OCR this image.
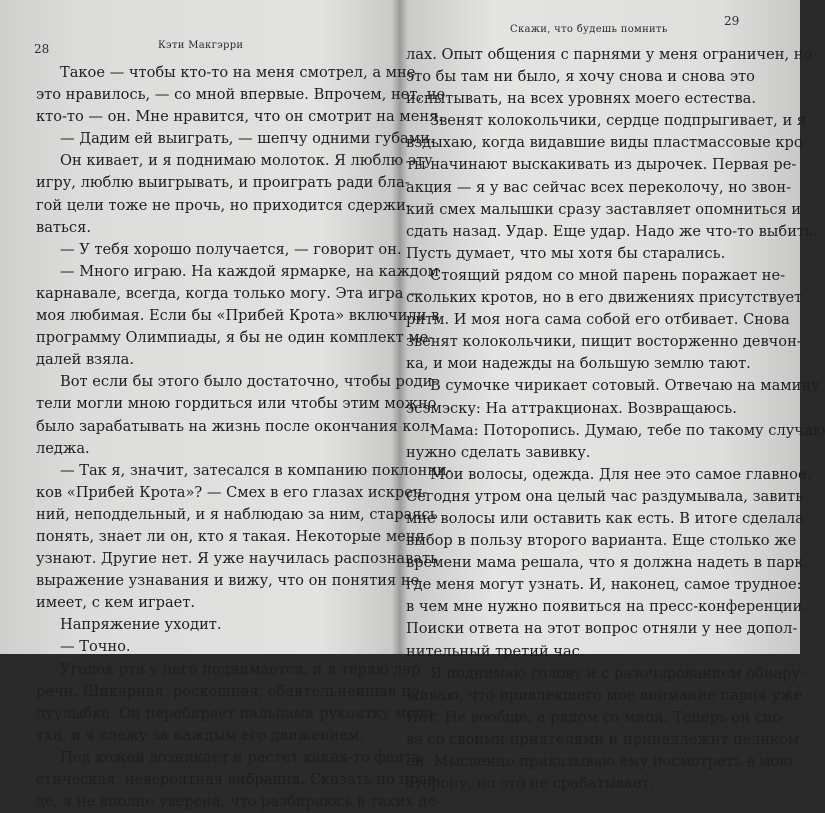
28	Кэти Макгэрри
Такое — чтобы кто-то на меня смотрел, а мне
это нравилось, — со мной впервые. Впрочем, нет, не
кто-то — он. Мне нравится, что он смотрит на меня.
— Дадим ей выиграть, — шепчу одними губами.
Он кивает, и я поднимаю молоток. Я люблю эту
игру, люблю выигрывать, и проиграть ради бла-
гой цели тоже не прочь, но приходится сдержи-
ваться.
— У тебя хорошо получается, — говорит он.
— Много играю. На каждой ярмарке, на каждом
карнавале, всегда, когда только могу. Эта игра —
моя любимая. Если бы «Прибей Крота» включили в
программу Олимпиады, я бы не один комплект ме-
далей взяла.
Вот если бы этого было достаточно, чтобы роди-
тели могли мною гордиться или чтобы этим можно
было зарабатывать на жизнь после окончания кол-
леджа.
— Так я, значит, затесался в компанию поклонни-
ков «Прибей Крота»? — Смех в его глазах искрен-
ний, неподдельный, и я наблюдаю за ним, стараясь
понять, знает ли он, кто я такая. Некоторые меня
узнают. Другие нет. Я уже научилась распознавать
выражение узнавания и вижу, что он понятия не
имеет, с кем играет.
Напряжение уходит.
— Точно.
Уголок рта у него поднимается, и я теряю дар
речи. Шикарная, роскошная, обаятельнейшая по-
луулыбка. Он перебирает пальцами рукоятку моло-
тка, и я слежу за каждым его движением.
Под кожей возникает и растет какая-то фанта-
стическая, невероятная вибрация. Сказать по прав-
де, я не вполне уверена, что разбираюсь в таких де-
Скажи, что будешь помнить
29
лах. Опыт общения с парнями у меня ограничен, но
это бы там ни было, я хочу снова и снова это
испытывать, на всех уровнях моего естества.
Звенят колокольчики, сердце подпрыгивает, и я
вздыхаю, когда видавшие виды пластмассовые кро-
ты начинают выскакивать из дырочек. Первая ре-
акция — я у вас сейчас всех переколочу, но звон-
кий смех малышки сразу заставляет опомниться и
сдать назад. Удар. Еще удар. Надо же что-то выбить.
Пусть думает, что мы хотя бы старались.
Стоящий рядом со мной парень поражает не-
скольких кротов, но в его движениях присутствует
ритм. И моя нога сама собой его отбивает. Снова
звенят колокольчики, пищит восторженно девчон-
ка, и мои надежды на большую землю тают.
В сумочке чирикает сотовый. Отвечаю на мамину
эсэмэску: На аттракционах. Возвращаюсь.
Мама: Поторопись. Думаю, тебе по такому случаю
нужно сделать завивку.
Мои волосы, одежда. Для нее это самое главное.
Сегодня утром она целый час раздумывала, завить
мне волосы или оставить как есть. В итоге сделала
выбор в пользу второго варианта. Еще столько же
времени мама решала, что я должна надеть в парк,
где меня могут узнать. И, наконец, самое трудное:
в чем мне нужно появиться на пресс-конференции.
Поиски ответа на этот вопрос отняли у нее допол-
нительный третий час.
Я поднимаю голову и с разочарованием обнару-
живаю, что привлекшего мое внимание парня уже
Нет. Не вообще, а рядом со мной. Теперь он сно-
ва со своими приятелями и принадлежит целиком
ей. Мысленно приказываю ему посмотреть в мою
сторону, но это не срабатывает.
